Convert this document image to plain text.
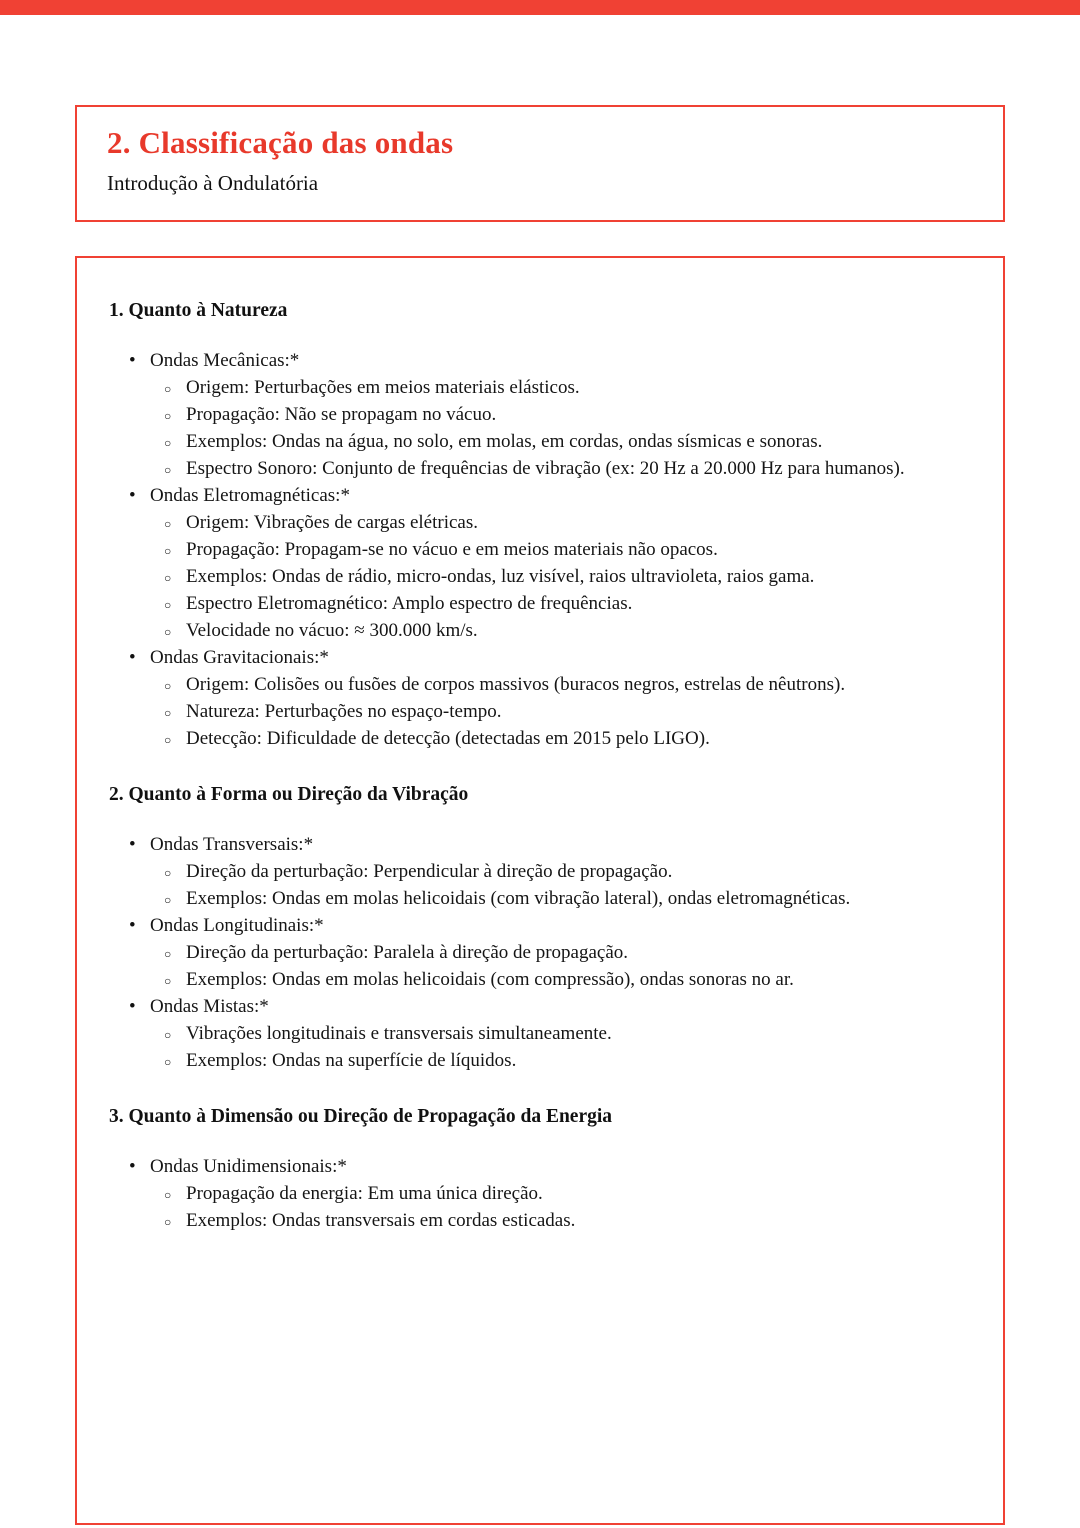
2. Classificação das ondas
Introdução à Ondulatória
1. Quanto à Natureza
• Ondas Mecânicas:*
○ Origem: Perturbações em meios materiais elásticos.
○ Propagação: Não se propagam no vácuo.
○ Exemplos: Ondas na água, no solo, em molas, em cordas, ondas sísmicas e sonoras.
○ Espectro Sonoro: Conjunto de frequências de vibração (ex: 20 Hz a 20.000 Hz para humanos).
• Ondas Eletromagnéticas:*
○ Origem: Vibrações de cargas elétricas.
○ Propagação: Propagam-se no vácuo e em meios materiais não opacos.
○ Exemplos: Ondas de rádio, micro-ondas, luz visível, raios ultravioleta, raios gama.
○ Espectro Eletromagnético: Amplo espectro de frequências.
○ Velocidade no vácuo: ≈ 300.000 km/s.
• Ondas Gravitacionais:*
○ Origem: Colisões ou fusões de corpos massivos (buracos negros, estrelas de nêutrons).
○ Natureza: Perturbações no espaço-tempo.
○ Detecção: Dificuldade de detecção (detectadas em 2015 pelo LIGO).
2. Quanto à Forma ou Direção da Vibração
• Ondas Transversais:*
○ Direção da perturbação: Perpendicular à direção de propagação.
○ Exemplos: Ondas em molas helicoidais (com vibração lateral), ondas eletromagnéticas.
• Ondas Longitudinais:*
○ Direção da perturbação: Paralela à direção de propagação.
○ Exemplos: Ondas em molas helicoidais (com compressão), ondas sonoras no ar.
• Ondas Mistas:*
○ Vibrações longitudinais e transversais simultaneamente.
○ Exemplos: Ondas na superfície de líquidos.
3. Quanto à Dimensão ou Direção de Propagação da Energia
• Ondas Unidimensionais:*
○ Propagação da energia: Em uma única direção.
○ Exemplos: Ondas transversais em cordas esticadas.
